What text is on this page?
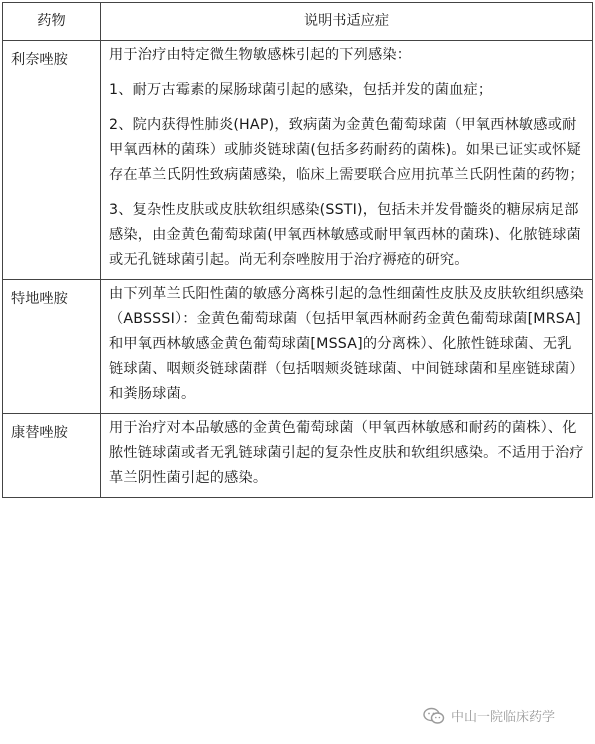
药物	说明书适应症
利奈唑胺	用于治疗由特定微生物敏感株引起的下列感染：

1、耐万古霉素的屎肠球菌引起的感染，包括并发的菌血症；

2、院内获得性肺炎(HAP)，致病菌为金黄色葡萄球菌（甲氧西林敏感或耐甲氧西林的菌珠）或肺炎链球菌(包括多药耐药的菌株)。如果已证实或怀疑存在革兰氏阴性致病菌感染，临床上需要联合应用抗革兰氏阴性菌的药物；

3、复杂性皮肤或皮肤软组织感染(SSTI)，包括未并发骨髓炎的糖尿病足部感染，由金黄色葡萄球菌(甲氧西林敏感或耐甲氧西林的菌珠)、化脓链球菌或无孔链球菌引起。尚无利奈唑胺用于治疗褥疮的研究。

特地唑胺	由下列革兰氏阳性菌的敏感分离株引起的急性细菌性皮肤及皮肤软组织感染（ABSSSI）：金黄色葡萄球菌（包括甲氧西林耐药金黄色葡萄球菌[MRSA]和甲氧西林敏感金黄色葡萄球菌[MSSA]的分离株）、化脓性链球菌、无乳链球菌、咽颊炎链球菌群（包括咽颊炎链球菌、中间链球菌和星座链球菌）和粪肠球菌。

康替唑胺	用于治疗对本品敏感的金黄色葡萄球菌（甲氧西林敏感和耐药的菌株）、化脓性链球菌或者无乳链球菌引起的复杂性皮肤和软组织感染。不适用于治疗革兰阴性菌引起的感染。

中山一院临床药学
